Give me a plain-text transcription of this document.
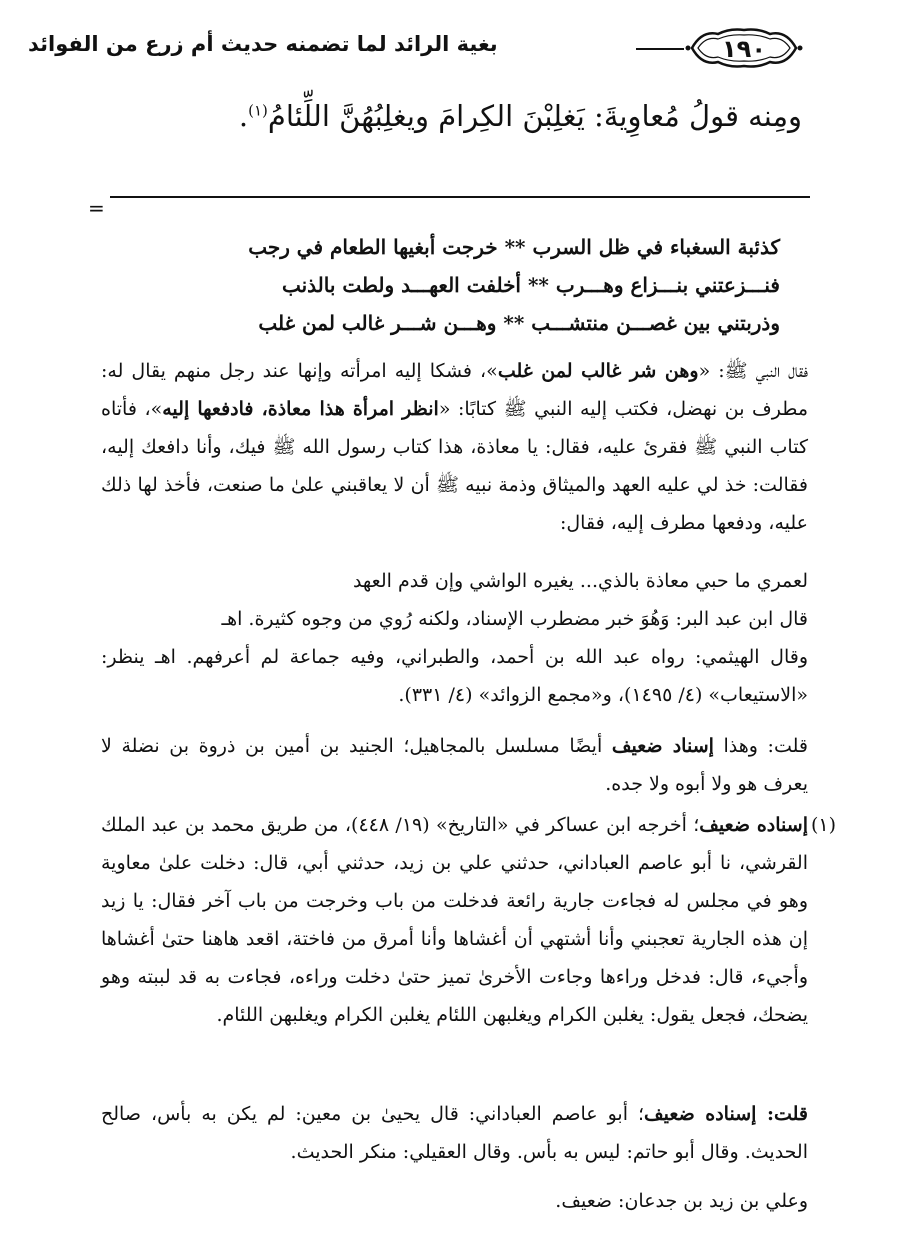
١٩٠
بغية الرائد لما تضمنه حديث أم زرع من الفوائد
ومِنه قولُ مُعاوِيةَ: يَغلِبْنَ الكِرامَ ويغلِبُهُنَّ اللِّئامُ$^{(١)}$.
=
كذئبة السغباء في ظل السرب ** خرجت أبغيها الطعام في رجب
فنـــزعتني بنـــزاع وهـــرب ** أخلفت العهـــد ولطت بالذنب
وذربتني بين غصـــن منتشـــب ** وهـــن شـــر غالب لمن غلب
فقال النبي ﷺ: «وهن شر غالب لمن غلب»، فشكا إليه امرأته وإنها عند رجل منهم يقال له: مطرف بن نهضل، فكتب إليه النبي ﷺ كتابًا: «انظر امرأة هذا معاذة، فادفعها إليه»، فأتاه كتاب النبي ﷺ فقرئ عليه، فقال: يا معاذة، هذا كتاب رسول الله ﷺ فيك، وأنا دافعك إليه، فقالت: خذ لي عليه العهد والميثاق وذمة نبيه ﷺ أن لا يعاقبني علىٰ ما صنعت، فأخذ لها ذلك عليه، ودفعها مطرف إليه، فقال:
لعمري ما حبي معاذة بالذي... يغيره الواشي وإن قدم العهد
قال ابن عبد البر: وَهُوَ خبر مضطرب الإسناد، ولكنه رُوي من وجوه كثيرة. اهـ
وقال الهيثمي: رواه عبد الله بن أحمد، والطبراني، وفيه جماعة لم أعرفهم. اهـ ينظر: «الاستيعاب» (٤/ ١٤٩٥)، و«مجمع الزوائد» (٤/ ٣٣١).
قلت: وهذا إسناد ضعيف أيضًا مسلسل بالمجاهيل؛ الجنيد بن أمين بن ذروة بن نضلة لا يعرف هو ولا أبوه ولا جده.
(١)
إسناده ضعيف؛ أخرجه ابن عساكر في «التاريخ» (١٩/ ٤٤٨)، من طريق محمد بن عبد الملك القرشي، نا أبو عاصم العباداني، حدثني علي بن زيد، حدثني أبي، قال: دخلت علىٰ معاوية وهو في مجلس له فجاءت جارية رائعة فدخلت من باب وخرجت من باب آخر فقال: يا زيد إن هذه الجارية تعجبني وأنا أشتهي أن أغشاها وأنا أمرق من فاختة، اقعد هاهنا حتىٰ أغشاها وأجيء، قال: فدخل وراءها وجاءت الأخرىٰ تميز حتىٰ دخلت وراءه، فجاءت به قد لببته وهو يضحك، فجعل يقول: يغلبن الكرام ويغلبهن اللئام يغلبن الكرام ويغلبهن اللئام.
قلت: إسناده ضعيف؛ أبو عاصم العباداني: قال يحيىٰ بن معين: لم يكن به بأس، صالح الحديث. وقال أبو حاتم: ليس به بأس. وقال العقيلي: منكر الحديث.
وعلي بن زيد بن جدعان: ضعيف.
